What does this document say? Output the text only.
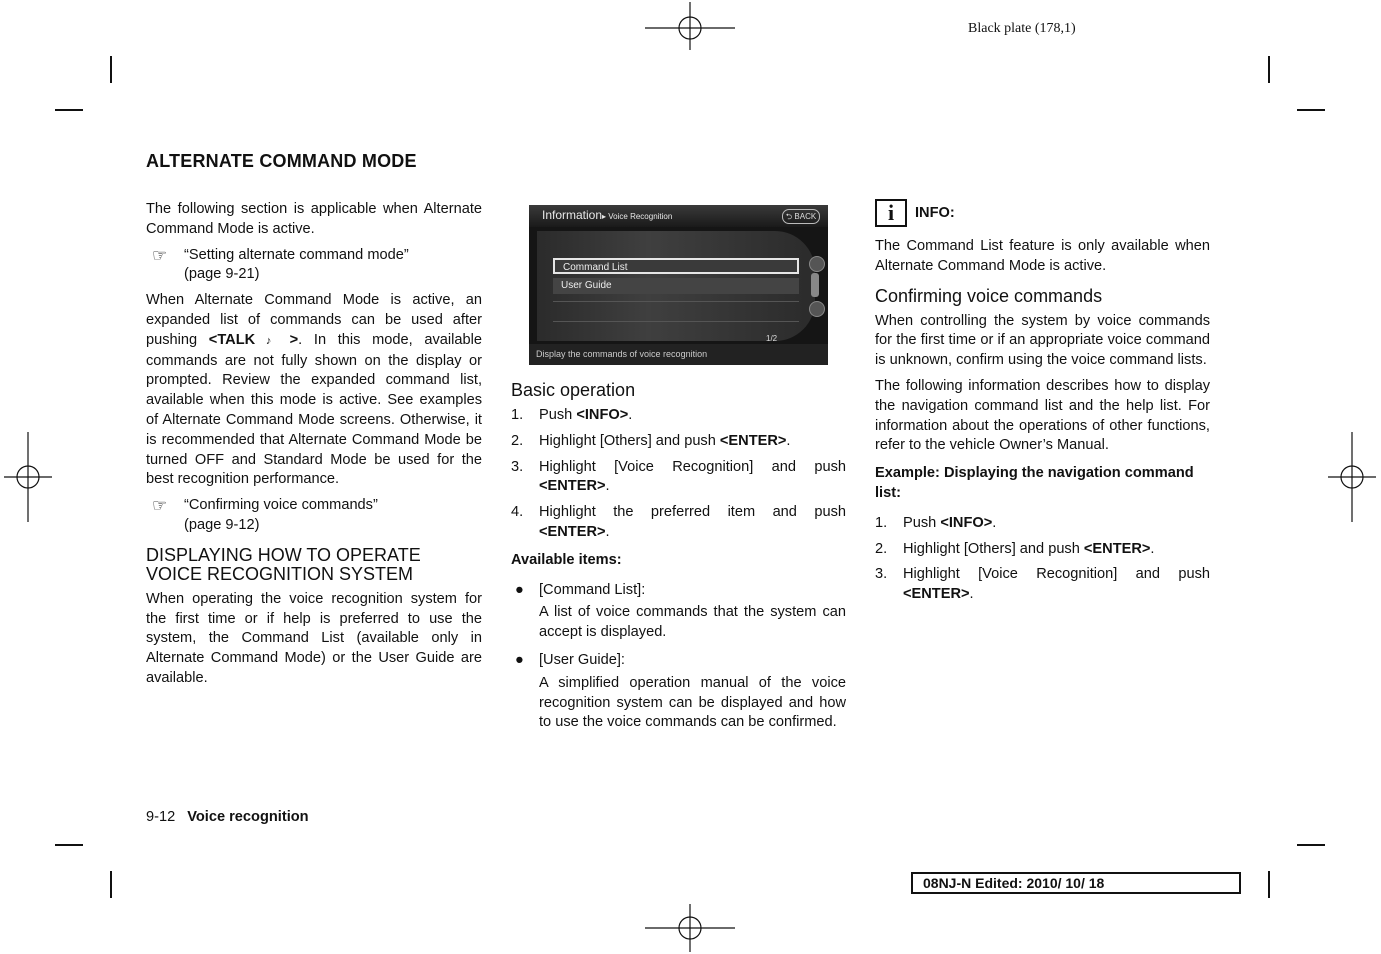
Black plate (178,1)
ALTERNATE COMMAND MODE

The following section is applicable when Alternate Command Mode is active.

☞ “Setting alternate command mode”
(page 9-21)

When Alternate Command Mode is active, an expanded list of commands can be used after pushing <TALK ♪ >. In this mode, available commands are not fully shown on the display or prompted. Review the expanded command list, available when this mode is active. See examples of Alternate Command Mode screens. Otherwise, it is recommended that Alternate Command Mode be turned OFF and Standard Mode be used for the best recognition performance.

☞ “Confirming voice commands”
(page 9-12)
DISPLAYING HOW TO OPERATE
VOICE RECOGNITION SYSTEM

When operating the voice recognition system for the first time or if help is preferred to use the system, the Command List (available only in Alternate Command Mode) or the User Guide are available.

Information▸ Voice Recognition	⮌ BACK
Command List
User Guide
1/2
Display the commands of voice recognition
Basic operation
1. Push <INFO>.
2. Highlight [Others] and push <ENTER>.
3. Highlight [Voice Recognition] and push <ENTER>.
4. Highlight the preferred item and push <ENTER>.

Available items:

● [Command List]:
A list of voice commands that the system can accept is displayed.
● [User Guide]:
A simplified operation manual of the voice recognition system can be displayed and how to use the voice commands can be confirmed.
i	INFO:

The Command List feature is only available when Alternate Command Mode is active.

Confirming voice commands

When controlling the system by voice commands for the first time or if an appropriate voice command is unknown, confirm using the voice command lists.

The following information describes how to display the navigation command list and the help list. For information about the operations of other functions, refer to the vehicle Owner’s Manual.

Example: Displaying the navigation command list:

1. Push <INFO>.
2. Highlight [Others] and push <ENTER>.
3. Highlight [Voice Recognition] and push <ENTER>.
9-12 Voice recognition
08NJ-N Edited: 2010/ 10/ 18
